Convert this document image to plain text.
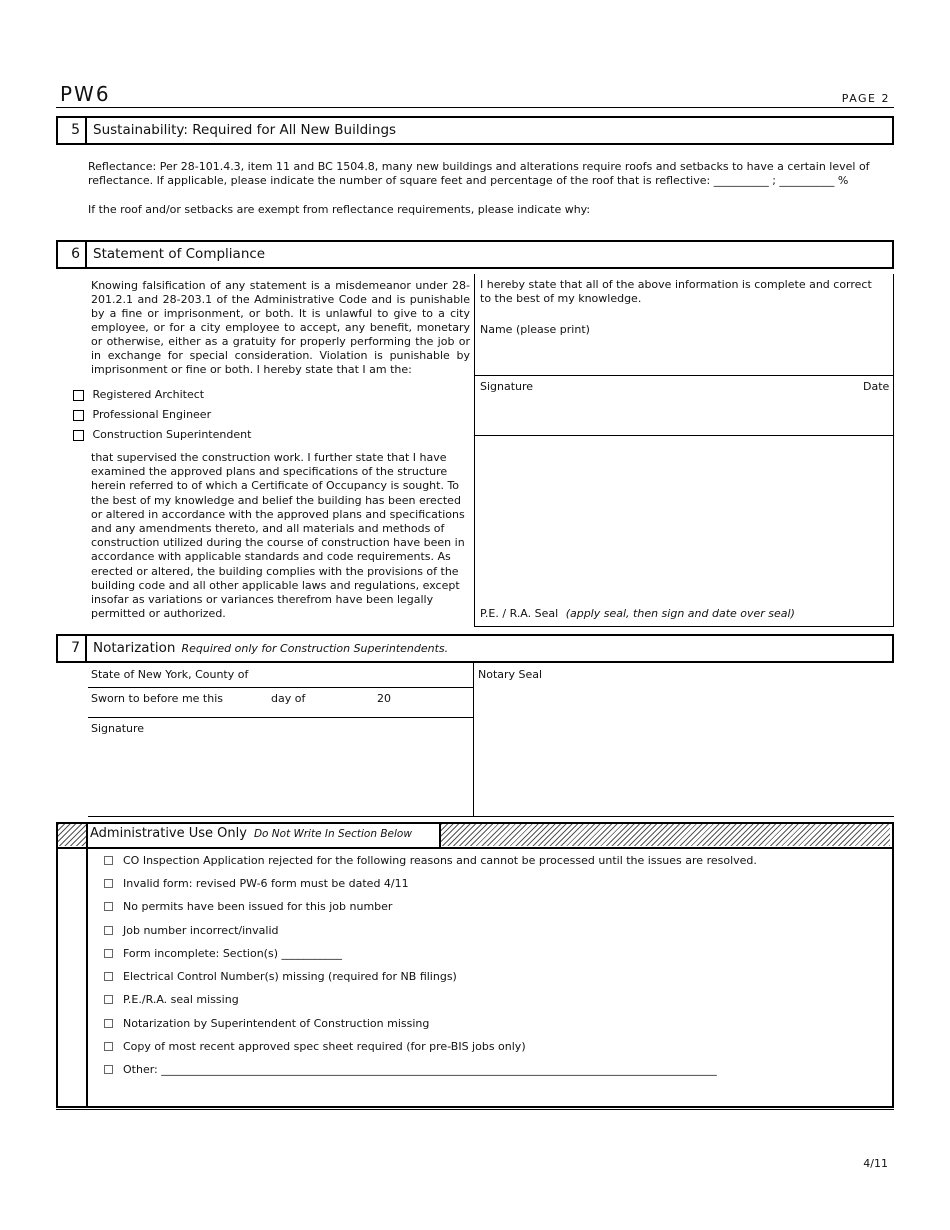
PW6	PAGE 2
5 Sustainability: Required for All New Buildings
Reflectance: Per 28-101.4.3, item 11 and BC 1504.8, many new buildings and alterations require roofs and setbacks to have a certain level of
reflectance. If applicable, please indicate the number of square feet and percentage of the roof that is reflective: __________ ; __________ %
If the roof and/or setbacks are exempt from reflectance requirements, please indicate why:
6 Statement of Compliance
Knowing falsification of any statement is a misdemeanor under 28-201.2.1 and 28-203.1 of the Administrative Code and is punishable by a fine or imprisonment, or both. It is unlawful to give to a city employee, or for a city employee to accept, any benefit, monetary or otherwise, either as a gratuity for properly performing the job or in exchange for special consideration. Violation is punishable by imprisonment or fine or both. I hereby state that I am the:
Registered Architect
Professional Engineer
Construction Superintendent
that supervised the construction work. I further state that I have examined the approved plans and specifications of the structure herein referred to of which a Certificate of Occupancy is sought. To the best of my knowledge and belief the building has been erected or altered in accordance with the approved plans and specifications and any amendments thereto, and all materials and methods of construction utilized during the course of construction have been in accordance with applicable standards and code requirements. As erected or altered, the building complies with the provisions of the building code and all other applicable laws and regulations, except insofar as variations or variances therefrom have been legally permitted or authorized.
I hereby state that all of the above information is complete and correct to the best of my knowledge.
Name (please print)
Signature	Date
P.E. / R.A. Seal (apply seal, then sign and date over seal)
7 Notarization Required only for Construction Superintendents.
State of New York, County of
Sworn to before me this	day of	20
Signature
Notary Seal
Administrative Use Only Do Not Write In Section Below
CO Inspection Application rejected for the following reasons and cannot be processed until the issues are resolved.
Invalid form: revised PW-6 form must be dated 4/11
No permits have been issued for this job number
Job number incorrect/invalid
Form incomplete: Section(s) ___________
Electrical Control Number(s) missing (required for NB filings)
P.E./R.A. seal missing
Notarization by Superintendent of Construction missing
Copy of most recent approved spec sheet required (for pre-BIS jobs only)
Other: _____________________________________________________________________________________________________
4/11
